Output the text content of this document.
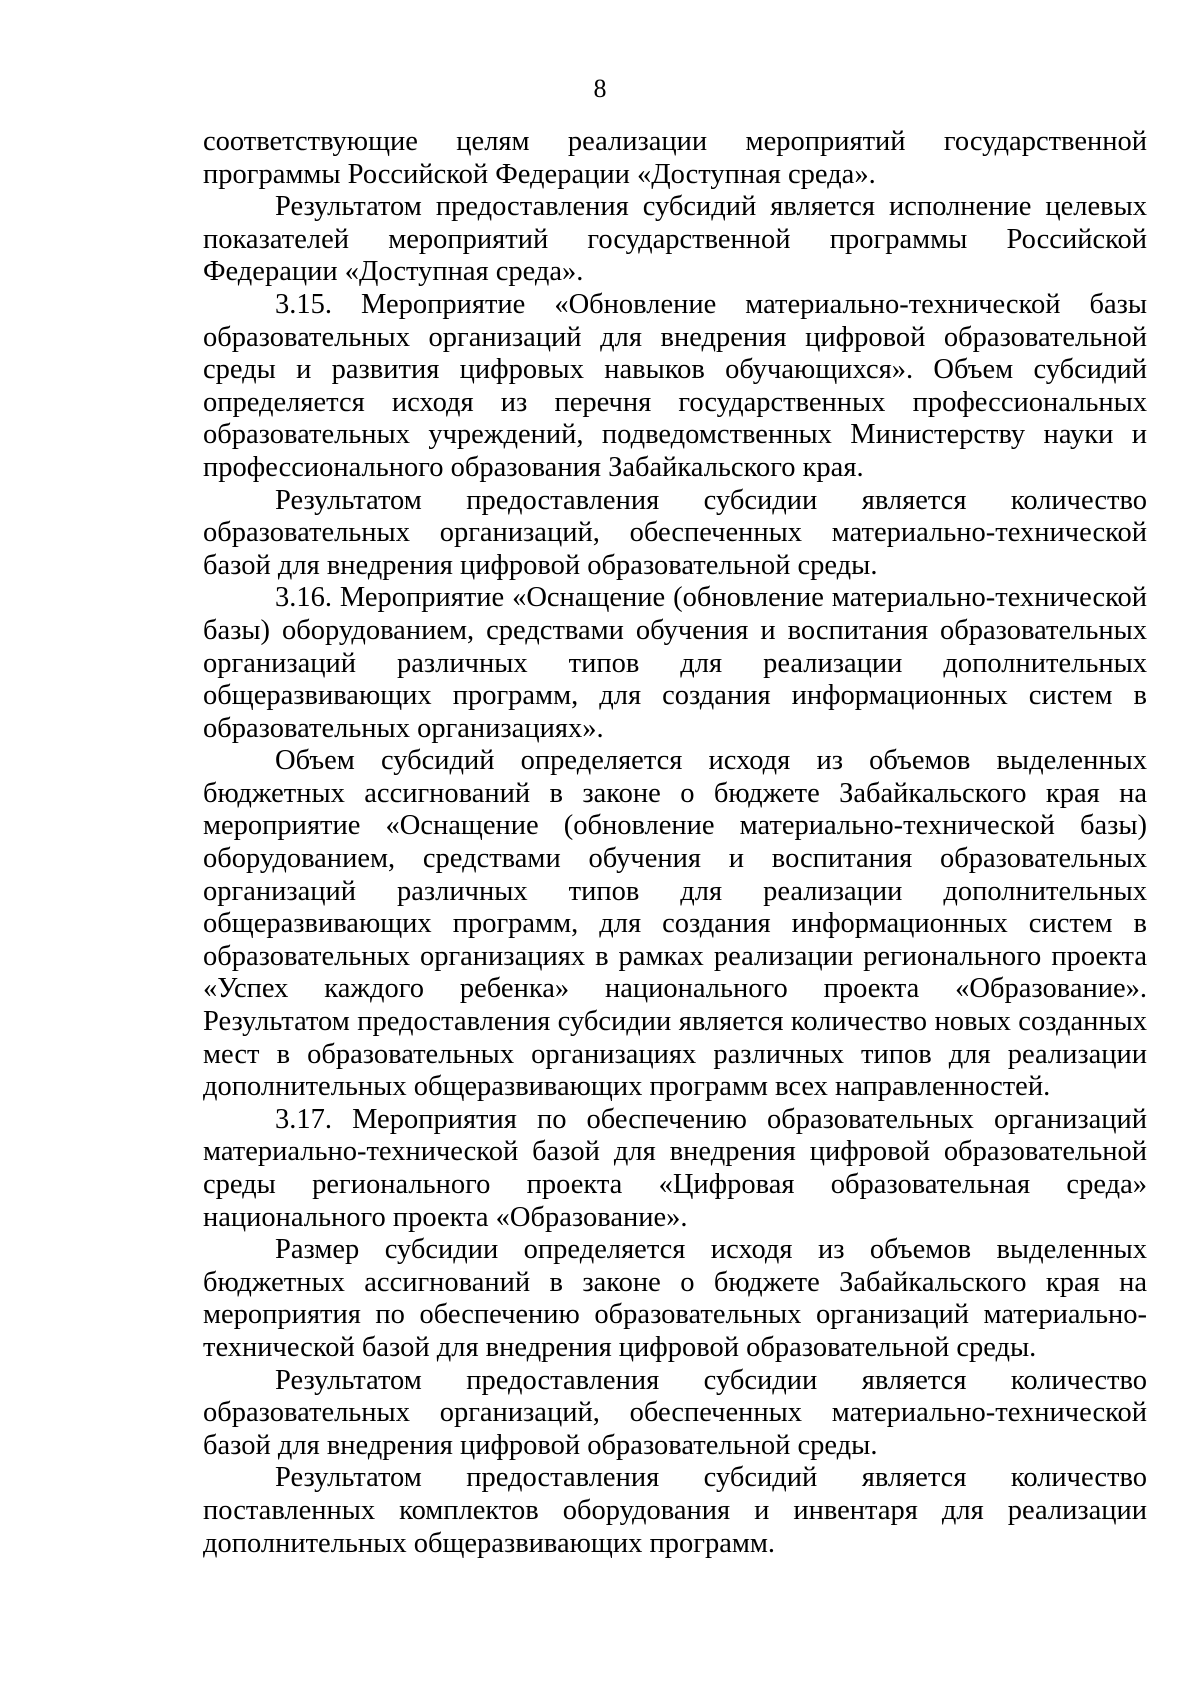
8

соответствующие целям реализации мероприятий государственной программы Российской Федерации «Доступная среда».

Результатом предоставления субсидий является исполнение целевых показателей мероприятий государственной программы Российской Федерации «Доступная среда».

3.15. Мероприятие «Обновление материально-технической базы образовательных организаций для внедрения цифровой образовательной среды и развития цифровых навыков обучающихся». Объем субсидий определяется исходя из перечня государственных профессиональных образовательных учреждений, подведомственных Министерству науки и профессионального образования Забайкальского края.

Результатом предоставления субсидии является количество образовательных организаций, обеспеченных материально-технической базой для внедрения цифровой образовательной среды.

3.16. Мероприятие «Оснащение (обновление материально-технической базы) оборудованием, средствами обучения и воспитания образовательных организаций различных типов для реализации дополнительных общеразвивающих программ, для создания информационных систем в образовательных организациях».

Объем субсидий определяется исходя из объемов выделенных бюджетных ассигнований в законе о бюджете Забайкальского края на мероприятие «Оснащение (обновление материально-технической базы) оборудованием, средствами обучения и воспитания образовательных организаций различных типов для реализации дополнительных общеразвивающих программ, для создания информационных систем в образовательных организациях в рамках реализации регионального проекта «Успех каждого ребенка» национального проекта «Образование». Результатом предоставления субсидии является количество новых созданных мест в образовательных организациях различных типов для реализации дополнительных общеразвивающих программ всех направленностей.

3.17. Мероприятия по обеспечению образовательных организаций материально-технической базой для внедрения цифровой образовательной среды регионального проекта «Цифровая образовательная среда» национального проекта «Образование».

Размер субсидии определяется исходя из объемов выделенных бюджетных ассигнований в законе о бюджете Забайкальского края на мероприятия по обеспечению образовательных организаций материально-технической базой для внедрения цифровой образовательной среды.

Результатом предоставления субсидии является количество образовательных организаций, обеспеченных материально-технической базой для внедрения цифровой образовательной среды.

Результатом предоставления субсидий является количество поставленных комплектов оборудования и инвентаря для реализации дополнительных общеразвивающих программ.
